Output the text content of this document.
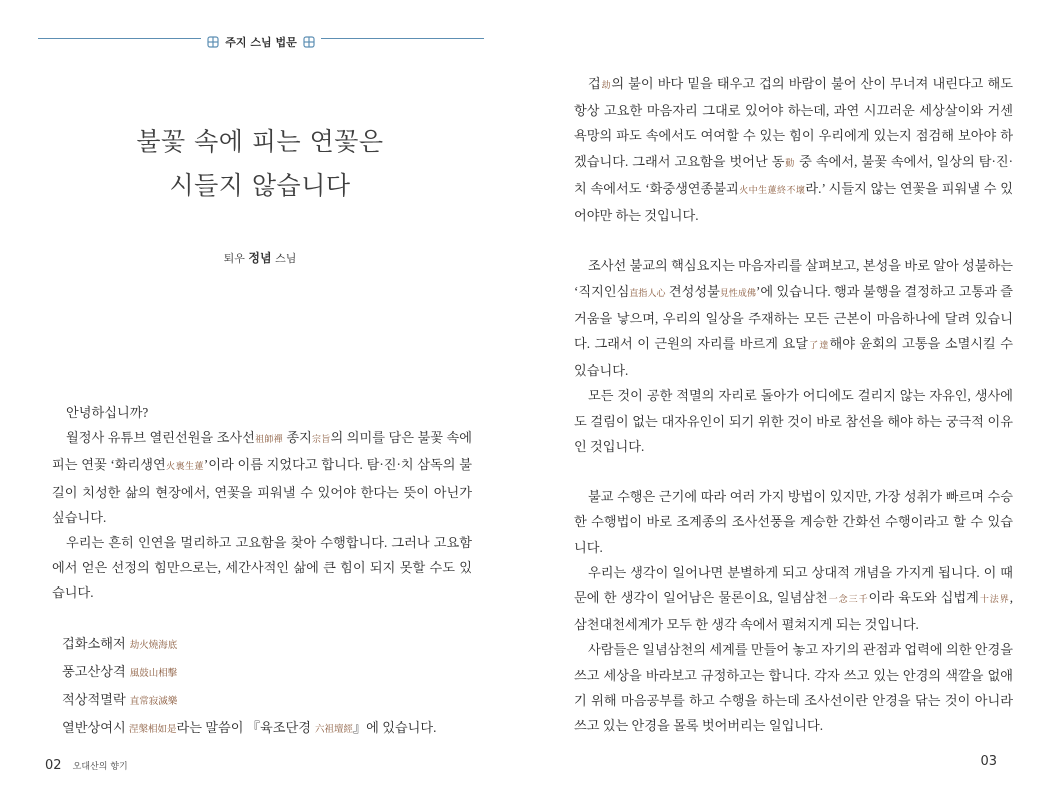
주지 스님 법문
불꽃 속에 피는 연꽃은
시들지 않습니다
퇴우 정념 스님

안녕하십니까?

월정사 유튜브 열린선원을 조사선祖師禪 종지宗旨의 의미를 담은 불꽃 속에 피는 연꽃 ‘화리생연火裏生蓮’이라 이름 지었다고 합니다. 탐·진·치 삼독의 불길이 치성한 삶의 현장에서, 연꽃을 피워낼 수 있어야 한다는 뜻이 아닌가 싶습니다.

우리는 흔히 인연을 멀리하고 고요함을 찾아 수행합니다. 그러나 고요함에서 얻은 선정의 힘만으로는, 세간사적인 삶에 큰 힘이 되지 못할 수도 있습니다.

겁화소해저 劫火燒海底

풍고산상격 風鼓山相擊

적상적멸락 直常寂滅樂

열반상여시 涅槃相如是라는 말씀이 『육조단경 六祖壇經』에 있습니다.

02 오대산의 향기

겁劫의 불이 바다 밑을 태우고 겁의 바람이 불어 산이 무너져 내린다고 해도 항상 고요한 마음자리 그대로 있어야 하는데, 과연 시끄러운 세상살이와 거센 욕망의 파도 속에서도 여여할 수 있는 힘이 우리에게 있는지 점검해 보아야 하겠습니다. 그래서 고요함을 벗어난 동動 중 속에서, 불꽃 속에서, 일상의 탐·진·치 속에서도 ‘화중생연종불괴火中生蓮終不壞라.’ 시들지 않는 연꽃을 피워낼 수 있어야만 하는 것입니다.

조사선 불교의 핵심요지는 마음자리를 살펴보고, 본성을 바로 알아 성불하는 ‘직지인심直指人心 견성성불見性成佛’에 있습니다. 행과 불행을 결정하고 고통과 즐거움을 낳으며, 우리의 일상을 주재하는 모든 근본이 마음하나에 달려 있습니다. 그래서 이 근원의 자리를 바르게 요달了達해야 윤회의 고통을 소멸시킬 수 있습니다.

모든 것이 공한 적멸의 자리로 돌아가 어디에도 걸리지 않는 자유인, 생사에도 걸림이 없는 대자유인이 되기 위한 것이 바로 참선을 해야 하는 궁극적 이유인 것입니다.

불교 수행은 근기에 따라 여러 가지 방법이 있지만, 가장 성취가 빠르며 수승한 수행법이 바로 조계종의 조사선풍을 계승한 간화선 수행이라고 할 수 있습니다.

우리는 생각이 일어나면 분별하게 되고 상대적 개념을 가지게 됩니다. 이 때문에 한 생각이 일어남은 물론이요, 일념삼천一念三千이라 육도와 십법계十法界, 삼천대천세계가 모두 한 생각 속에서 펼쳐지게 되는 것입니다.

사람들은 일념삼천의 세계를 만들어 놓고 자기의 관점과 업력에 의한 안경을 쓰고 세상을 바라보고 규정하고는 합니다. 각자 쓰고 있는 안경의 색깔을 없애기 위해 마음공부를 하고 수행을 하는데 조사선이란 안경을 닦는 것이 아니라 쓰고 있는 안경을 몰록 벗어버리는 일입니다.

03
